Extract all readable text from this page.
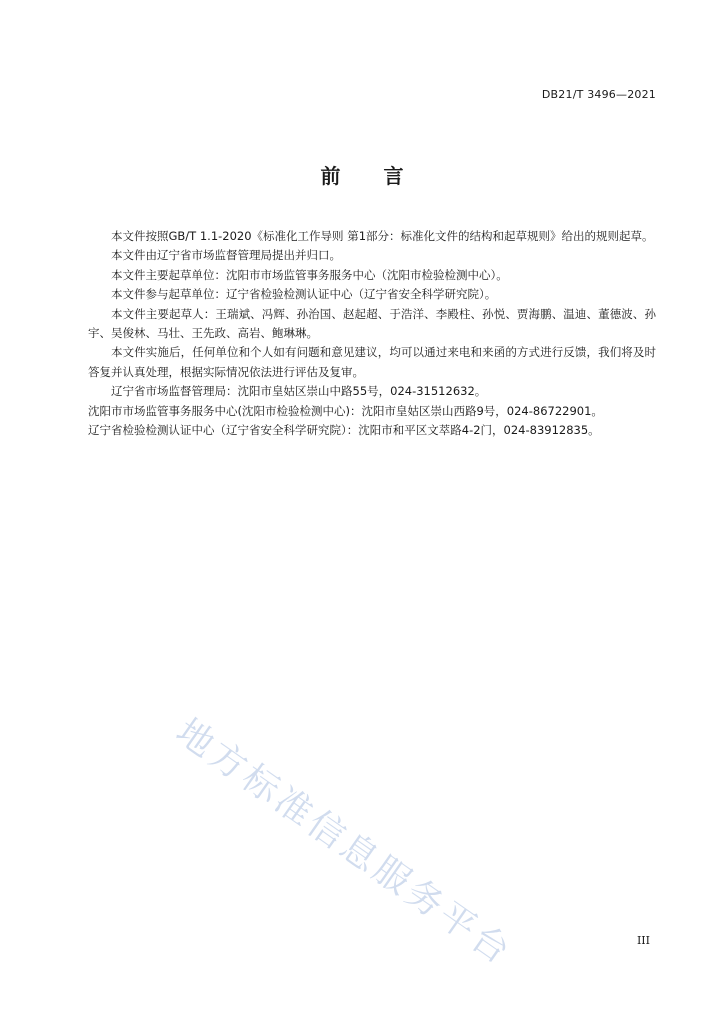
DB21/T 3496—2021
前 言

本文件按照GB/T 1.1-2020《标准化工作导则 第1部分：标准化文件的结构和起草规则》给出的规则起草。

本文件由辽宁省市场监督管理局提出并归口。

本文件主要起草单位：沈阳市市场监管事务服务中心（沈阳市检验检测中心）。

本文件参与起草单位：辽宁省检验检测认证中心（辽宁省安全科学研究院）。

本文件主要起草人：王瑞斌、冯辉、孙治国、赵起超、于浩洋、李殿柱、孙悦、贾海鹏、温迪、董德波、孙宇、吴俊林、马壮、王先政、高岩、鲍琳琳。

本文件实施后，任何单位和个人如有问题和意见建议，均可以通过来电和来函的方式进行反馈，我们将及时答复并认真处理，根据实际情况依法进行评估及复审。

辽宁省市场监督管理局：沈阳市皇姑区崇山中路55号，024-31512632。

沈阳市市场监管事务服务中心(沈阳市检验检测中心)：沈阳市皇姑区崇山西路9号，024-86722901。

辽宁省检验检测认证中心（辽宁省安全科学研究院）：沈阳市和平区文萃路4-2门，024-83912835。

地方标准信息服务平台	III
